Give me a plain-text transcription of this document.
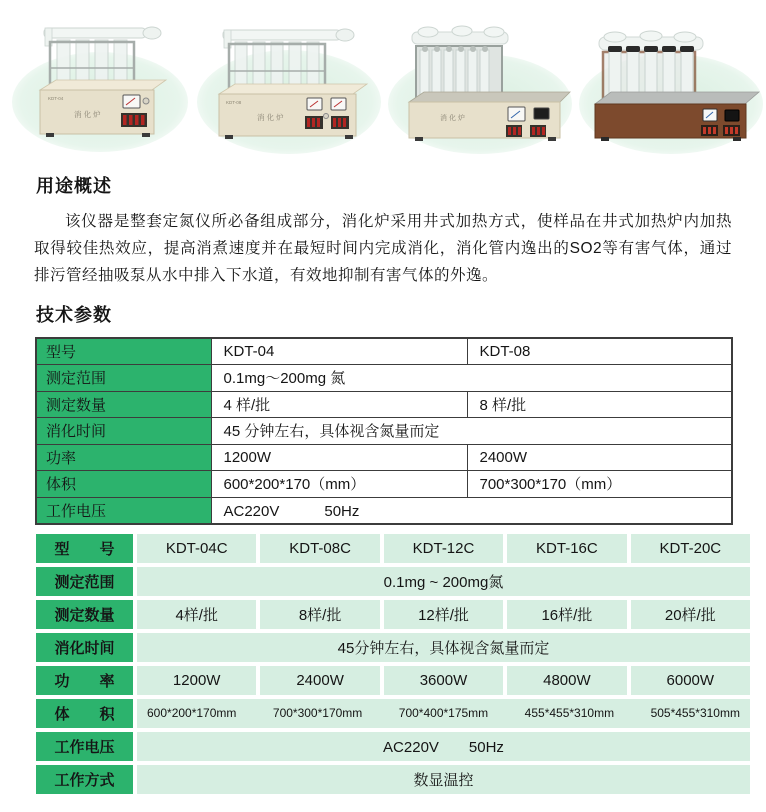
KDT-04
消 化 炉
KDT-08
消 化 炉	消 化 炉
用途概述

该仪器是整套定氮仪所必备组成部分，消化炉采用井式加热方式，使样品在井式加热炉内加热取得较佳热效应，提高消煮速度并在最短时间内完成消化，消化管内逸出的SO2等有害气体，通过排污管经抽吸泵从水中排入下水道，有效地抑制有害气体的外逸。

技术参数
型号	KDT-04	KDT-08
测定范围	0.1mg～200mg 氮	
测定数量	4 样/批	8 样/批
消化时间	45 分钟左右，具体视含氮量而定	
功率	1200W	2400W
体积	600*200*170（mm）	700*300*170（mm）
工作电压	AC220V　　　50Hz	
型　　号	KDT-04C	KDT-08C	KDT-12C	KDT-16C	KDT-20C
测定范围	0.1mg ~ 200mg氮
测定数量	4样/批	8样/批	12样/批	16样/批	20样/批
消化时间	45分钟左右，具体视含氮量而定
功　　率	1200W	2400W	3600W	4800W	6000W
体　　积	600*200*170mm	700*300*170mm	700*400*175mm	455*455*310mm	505*455*310mm
工作电压	AC220V　　50Hz
工作方式	数显温控
